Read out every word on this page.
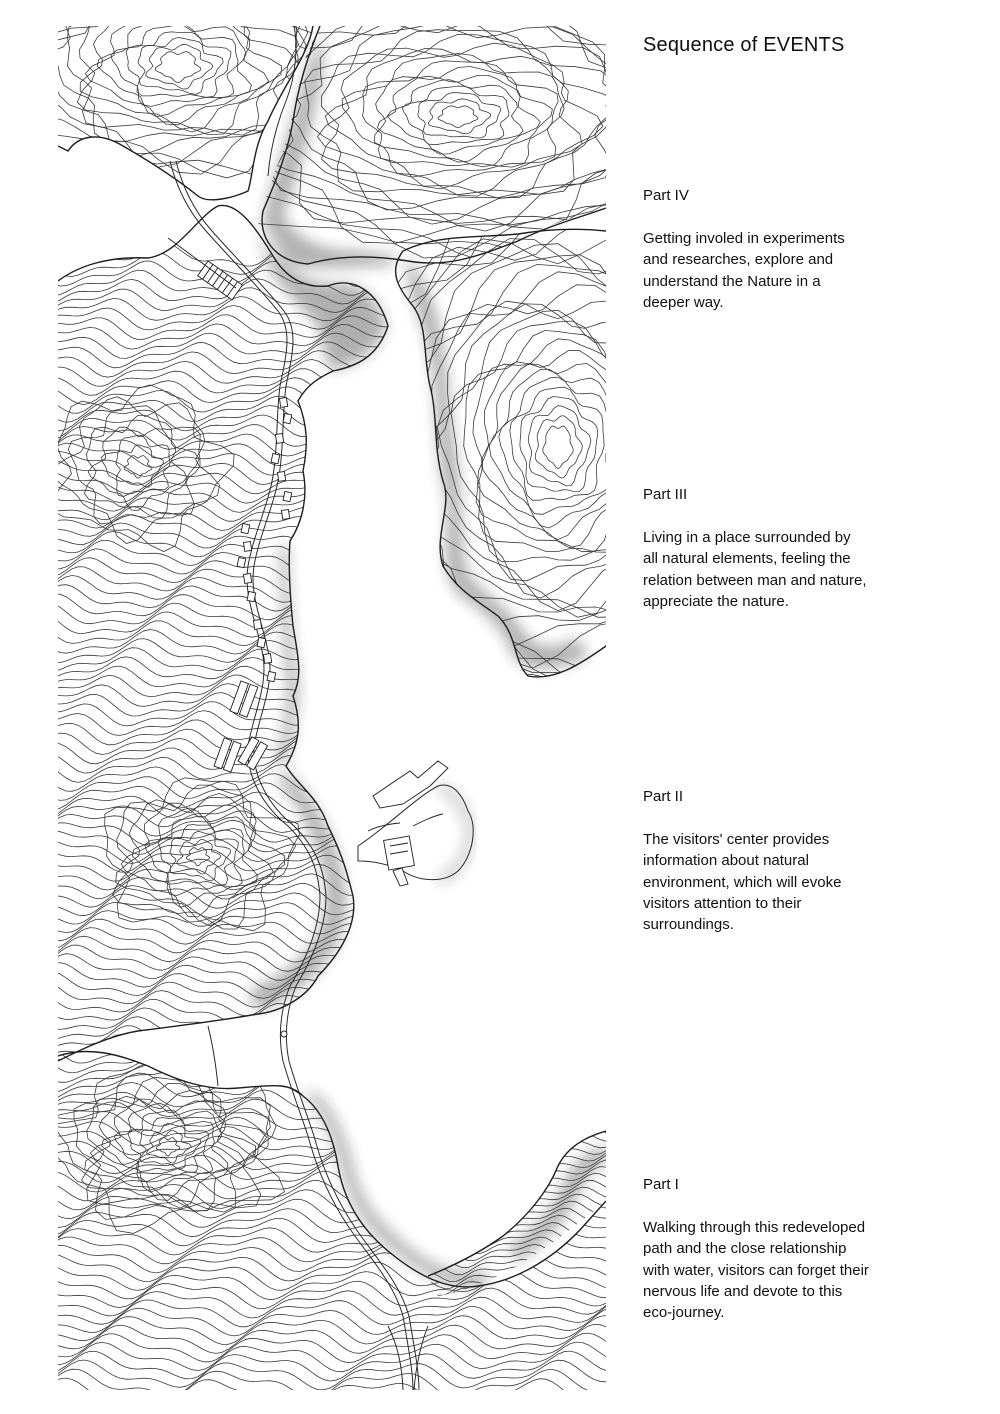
Sequence of EVENTS

Part IV

Getting involed in experiments
and researches, explore and
understand the Nature in a
deeper way.

Part III

Living in a place surrounded by
all natural elements, feeling the
relation between man and nature,
appreciate the nature.

Part II

The visitors' center provides
information about natural
environment, which will evoke
visitors attention to their
surroundings.

Part I

Walking through this redeveloped
path and the close relationship
with water, visitors can forget their
nervous life and devote to this
eco-journey.
